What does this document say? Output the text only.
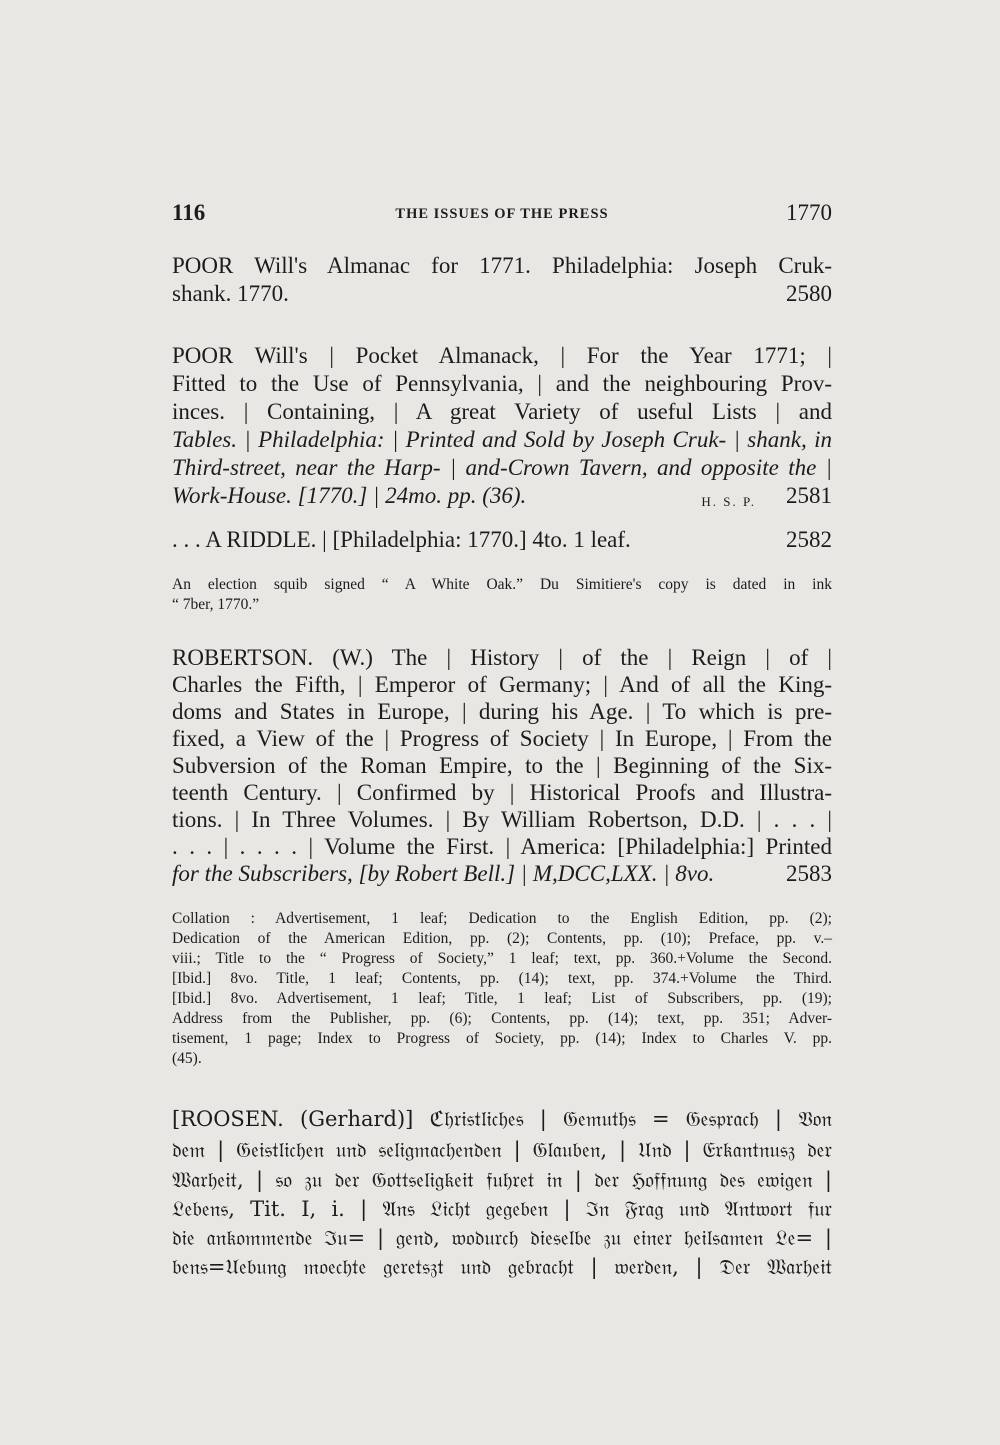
116	THE ISSUES OF THE PRESS	1770
POOR Will's Almanac for 1771. Philadelphia: Joseph Cruk-
shank. 1770.	2580
POOR Will's | Pocket Almanack, | For the Year 1771; |
Fitted to the Use of Pennsylvania, | and the neighbouring Prov-
inces. | Containing, | A great Variety of useful Lists | and
Tables. | Philadelphia: | Printed and Sold by Joseph Cruk- | shank, in
Third-street, near the Harp- | and-Crown Tavern, and opposite the |
Work-House. [1770.] | 24mo. pp. (36).	2581
H. S. P.
. . . A RIDDLE. | [Philadelphia: 1770.] 4to. 1 leaf.	2582
An election squib signed “ A White Oak.” Du Simitiere's copy is dated in ink
“ 7ber, 1770.”
ROBERTSON. (W.) The | History | of the | Reign | of |
Charles the Fifth, | Emperor of Germany; | And of all the King-
doms and States in Europe, | during his Age. | To which is pre-
fixed, a View of the | Progress of Society | In Europe, | From the
Subversion of the Roman Empire, to the | Beginning of the Six-
teenth Century. | Confirmed by | Historical Proofs and Illustra-
tions. | In Three Volumes. | By William Robertson, D.D. | . . . |
. . . | . . . . | Volume the First. | America: [Philadelphia:] Printed
for the Subscribers, [by Robert Bell.] | M,DCC,LXX. | 8vo.	2583
Collation : Advertisement, 1 leaf; Dedication to the English Edition, pp. (2);
Dedication of the American Edition, pp. (2); Contents, pp. (10); Preface, pp. v.–
viii.; Title to the “ Progress of Society,” 1 leaf; text, pp. 360.+Volume the Second.
[Ibid.] 8vo. Title, 1 leaf; Contents, pp. (14); text, pp. 374.+Volume the Third.
[Ibid.] 8vo. Advertisement, 1 leaf; Title, 1 leaf; List of Subscribers, pp. (19);
Address from the Publisher, pp. (6); Contents, pp. (14); text, pp. 351; Adver-
tisement, 1 page; Index to Progress of Society, pp. (14); Index to Charles V. pp.
(45).
[ROOSEN. (Gerhard)] ℭ𝔥𝔯𝔦𝔰𝔱𝔩𝔦𝔠𝔥𝔢𝔰 | 𝔊𝔢𝔪𝔲𝔱𝔥𝔰 = 𝔊𝔢𝔰𝔭𝔯𝔞𝔠𝔥 | 𝔙𝔬𝔫
𝔡𝔢𝔪 | 𝔊𝔢𝔦𝔰𝔱𝔩𝔦𝔠𝔥𝔢𝔫 𝔲𝔫𝔡 𝔰𝔢𝔩𝔦𝔤𝔪𝔞𝔠𝔥𝔢𝔫𝔡𝔢𝔫 | 𝔊𝔩𝔞𝔲𝔟𝔢𝔫, | 𝔘𝔫𝔡 | 𝔈𝔯𝔨𝔞𝔫𝔱𝔫𝔲𝔰𝔷 𝔡𝔢𝔯
𝔚𝔞𝔯𝔥𝔢𝔦𝔱, | 𝔰𝔬 𝔷𝔲 𝔡𝔢𝔯 𝔊𝔬𝔱𝔱𝔰𝔢𝔩𝔦𝔤𝔨𝔢𝔦𝔱 𝔣𝔲𝔥𝔯𝔢𝔱 𝔦𝔫 | 𝔡𝔢𝔯 ℌ𝔬𝔣𝔣𝔫𝔲𝔫𝔤 𝔡𝔢𝔰 𝔢𝔴𝔦𝔤𝔢𝔫 |
𝔏𝔢𝔟𝔢𝔫𝔰, Tit. I, i. | 𝔄𝔫𝔰 𝔏𝔦𝔠𝔥𝔱 𝔤𝔢𝔤𝔢𝔟𝔢𝔫 | ℑ𝔫 𝔉𝔯𝔞𝔤 𝔲𝔫𝔡 𝔄𝔫𝔱𝔴𝔬𝔯𝔱 𝔣𝔲𝔯
𝔡𝔦𝔢 𝔞𝔫𝔨𝔬𝔪𝔪𝔢𝔫𝔡𝔢 ℑ𝔲= | 𝔤𝔢𝔫𝔡, 𝔴𝔬𝔡𝔲𝔯𝔠𝔥 𝔡𝔦𝔢𝔰𝔢𝔩𝔟𝔢 𝔷𝔲 𝔢𝔦𝔫𝔢𝔯 𝔥𝔢𝔦𝔩𝔰𝔞𝔪𝔢𝔫 𝔏𝔢= |
𝔟𝔢𝔫𝔰=𝔘𝔢𝔟𝔲𝔫𝔤 𝔪𝔬𝔢𝔠𝔥𝔱𝔢 𝔤𝔢𝔯𝔢𝔱𝔰𝔷𝔱 𝔲𝔫𝔡 𝔤𝔢𝔟𝔯𝔞𝔠𝔥𝔱 | 𝔴𝔢𝔯𝔡𝔢𝔫, | 𝔇𝔢𝔯 𝔚𝔞𝔯𝔥𝔢𝔦𝔱
